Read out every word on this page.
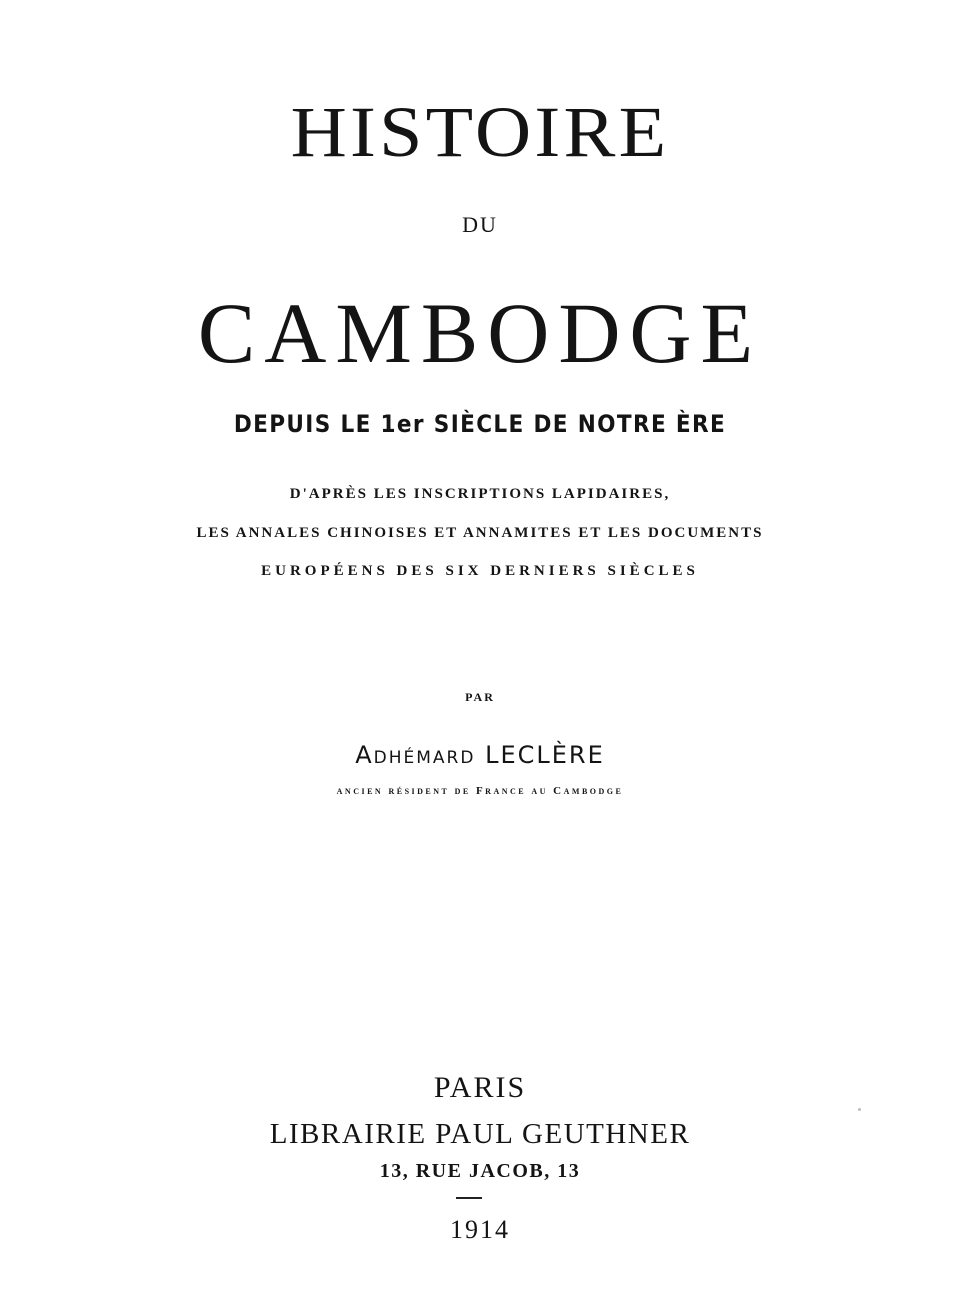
HISTOIRE
DU
CAMBODGE
DEPUIS LE 1er SIÈCLE DE NOTRE ÈRE
D'APRÈS LES INSCRIPTIONS LAPIDAIRES,
LES ANNALES CHINOISES ET ANNAMITES ET LES DOCUMENTS
EUROPÉENS DES SIX DERNIERS SIÈCLES
PAR
Adhémard LECLÈRE
ancien résident de France au Cambodge
PARIS
LIBRAIRIE PAUL GEUTHNER
13, RUE JACOB, 13
1914
